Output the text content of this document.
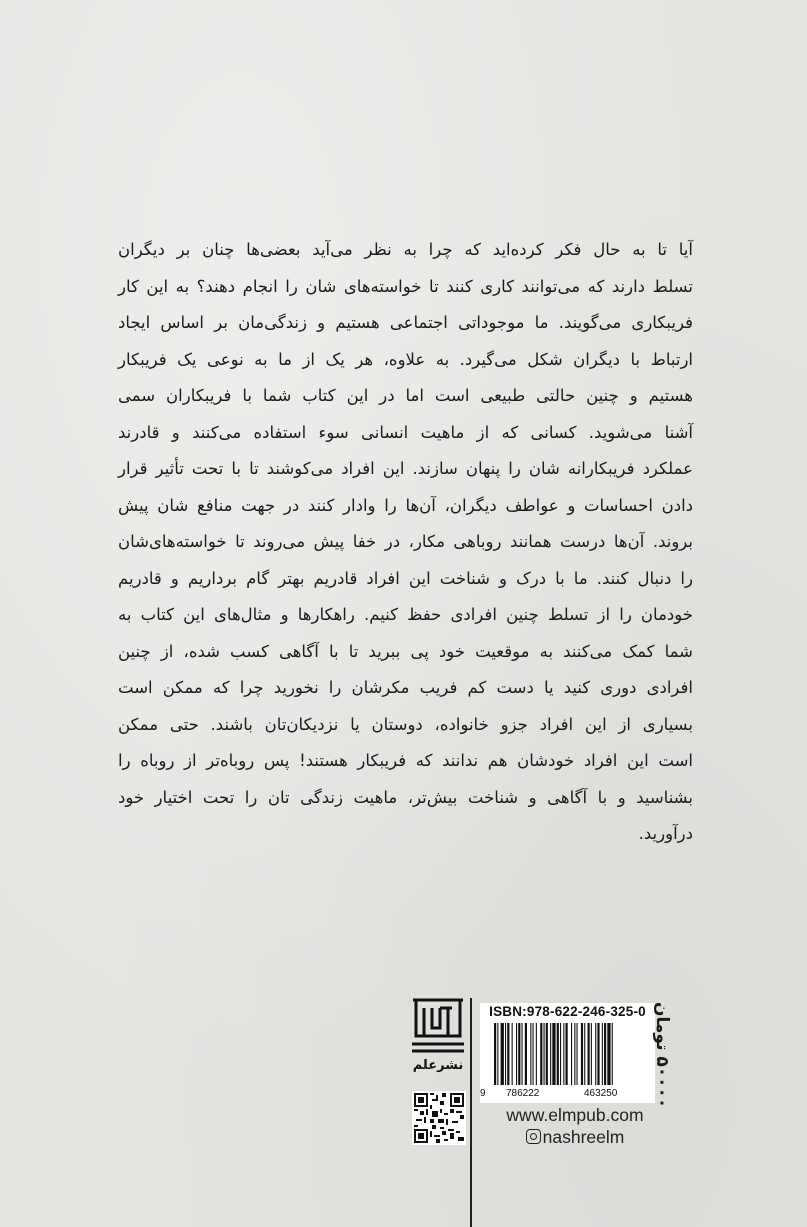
آیا تا به حال فکر کرده‌اید که چرا به نظر می‌آید بعضی‌ها چنان بر دیگران
تسلط دارند که می‌توانند کاری کنند تا خواسته‌های شان را انجام دهند؟ به این کار
فریبکاری می‌گویند. ما موجوداتی اجتماعی هستیم و زندگی‌مان بر اساس ایجاد
ارتباط با دیگران شکل می‌گیرد. به علاوه، هر یک از ما به نوعی یک فریبکار
هستیم و چنین حالتی طبیعی است اما در این کتاب شما با فریبکاران سمی
آشنا می‌شوید. کسانی که از ماهیت انسانی سوء استفاده می‌کنند و قادرند
عملکرد فریبکارانه شان را پنهان سازند. این افراد می‌کوشند تا با تحت تأثیر قرار
دادن احساسات و عواطف دیگران، آن‌ها را وادار کنند در جهت منافع شان پیش
بروند. آن‌ها درست همانند روباهی مکار، در خفا پیش می‌روند تا خواسته‌های‌شان
را دنبال کنند. ما با درک و شناخت این افراد قادریم بهتر گام برداریم و قادریم
خودمان را از تسلط چنین افرادی حفظ کنیم. راهکارها و مثال‌های این کتاب به
شما کمک می‌کنند به موقعیت خود پی ببرید تا با آگاهی کسب شده، از چنین
افرادی دوری کنید یا دست کم فریب مکرشان را نخورید چرا که ممکن است
بسیاری از این افراد جزو خانواده، دوستان یا نزدیکان‌تان باشند. حتی ممکن
است این افراد خودشان هم ندانند که فریبکار هستند! پس روباه‌تر از روباه را
بشناسید و با آگاهی و شناخت بیش‌تر، ماهیت زندگی تان را تحت اختیار خود
درآورید.
نشرعلم
ISBN:978-622-246-325-0
9 786222	463250
www.elmpub.com
nashreelm
۵۰۰۰۰ تومان
